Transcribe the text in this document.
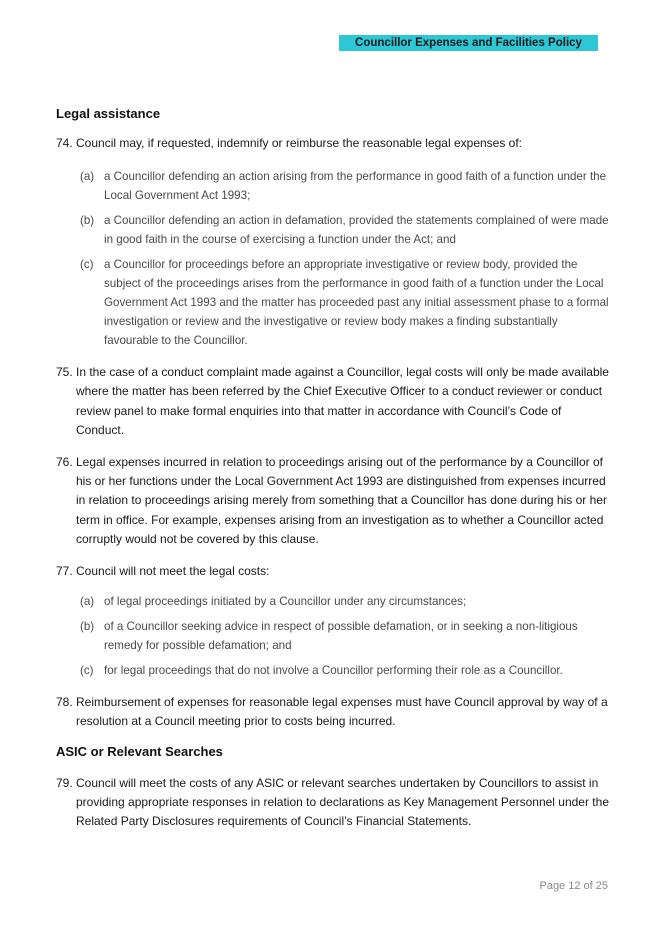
Councillor Expenses and Facilities Policy
Legal assistance
74. Council may, if requested, indemnify or reimburse the reasonable legal expenses of:
(a) a Councillor defending an action arising from the performance in good faith of a function under the Local Government Act 1993;
(b) a Councillor defending an action in defamation, provided the statements complained of were made in good faith in the course of exercising a function under the Act; and
(c) a Councillor for proceedings before an appropriate investigative or review body, provided the subject of the proceedings arises from the performance in good faith of a function under the Local Government Act 1993 and the matter has proceeded past any initial assessment phase to a formal investigation or review and the investigative or review body makes a finding substantially favourable to the Councillor.
75. In the case of a conduct complaint made against a Councillor, legal costs will only be made available where the matter has been referred by the Chief Executive Officer to a conduct reviewer or conduct review panel to make formal enquiries into that matter in accordance with Council’s Code of Conduct.
76. Legal expenses incurred in relation to proceedings arising out of the performance by a Councillor of his or her functions under the Local Government Act 1993 are distinguished from expenses incurred in relation to proceedings arising merely from something that a Councillor has done during his or her term in office. For example, expenses arising from an investigation as to whether a Councillor acted corruptly would not be covered by this clause.
77. Council will not meet the legal costs:
(a) of legal proceedings initiated by a Councillor under any circumstances;
(b) of a Councillor seeking advice in respect of possible defamation, or in seeking a non-litigious remedy for possible defamation; and
(c) for legal proceedings that do not involve a Councillor performing their role as a Councillor.
78. Reimbursement of expenses for reasonable legal expenses must have Council approval by way of a resolution at a Council meeting prior to costs being incurred.
ASIC or Relevant Searches
79. Council will meet the costs of any ASIC or relevant searches undertaken by Councillors to assist in providing appropriate responses in relation to declarations as Key Management Personnel under the Related Party Disclosures requirements of Council’s Financial Statements.
Page 12 of 25
